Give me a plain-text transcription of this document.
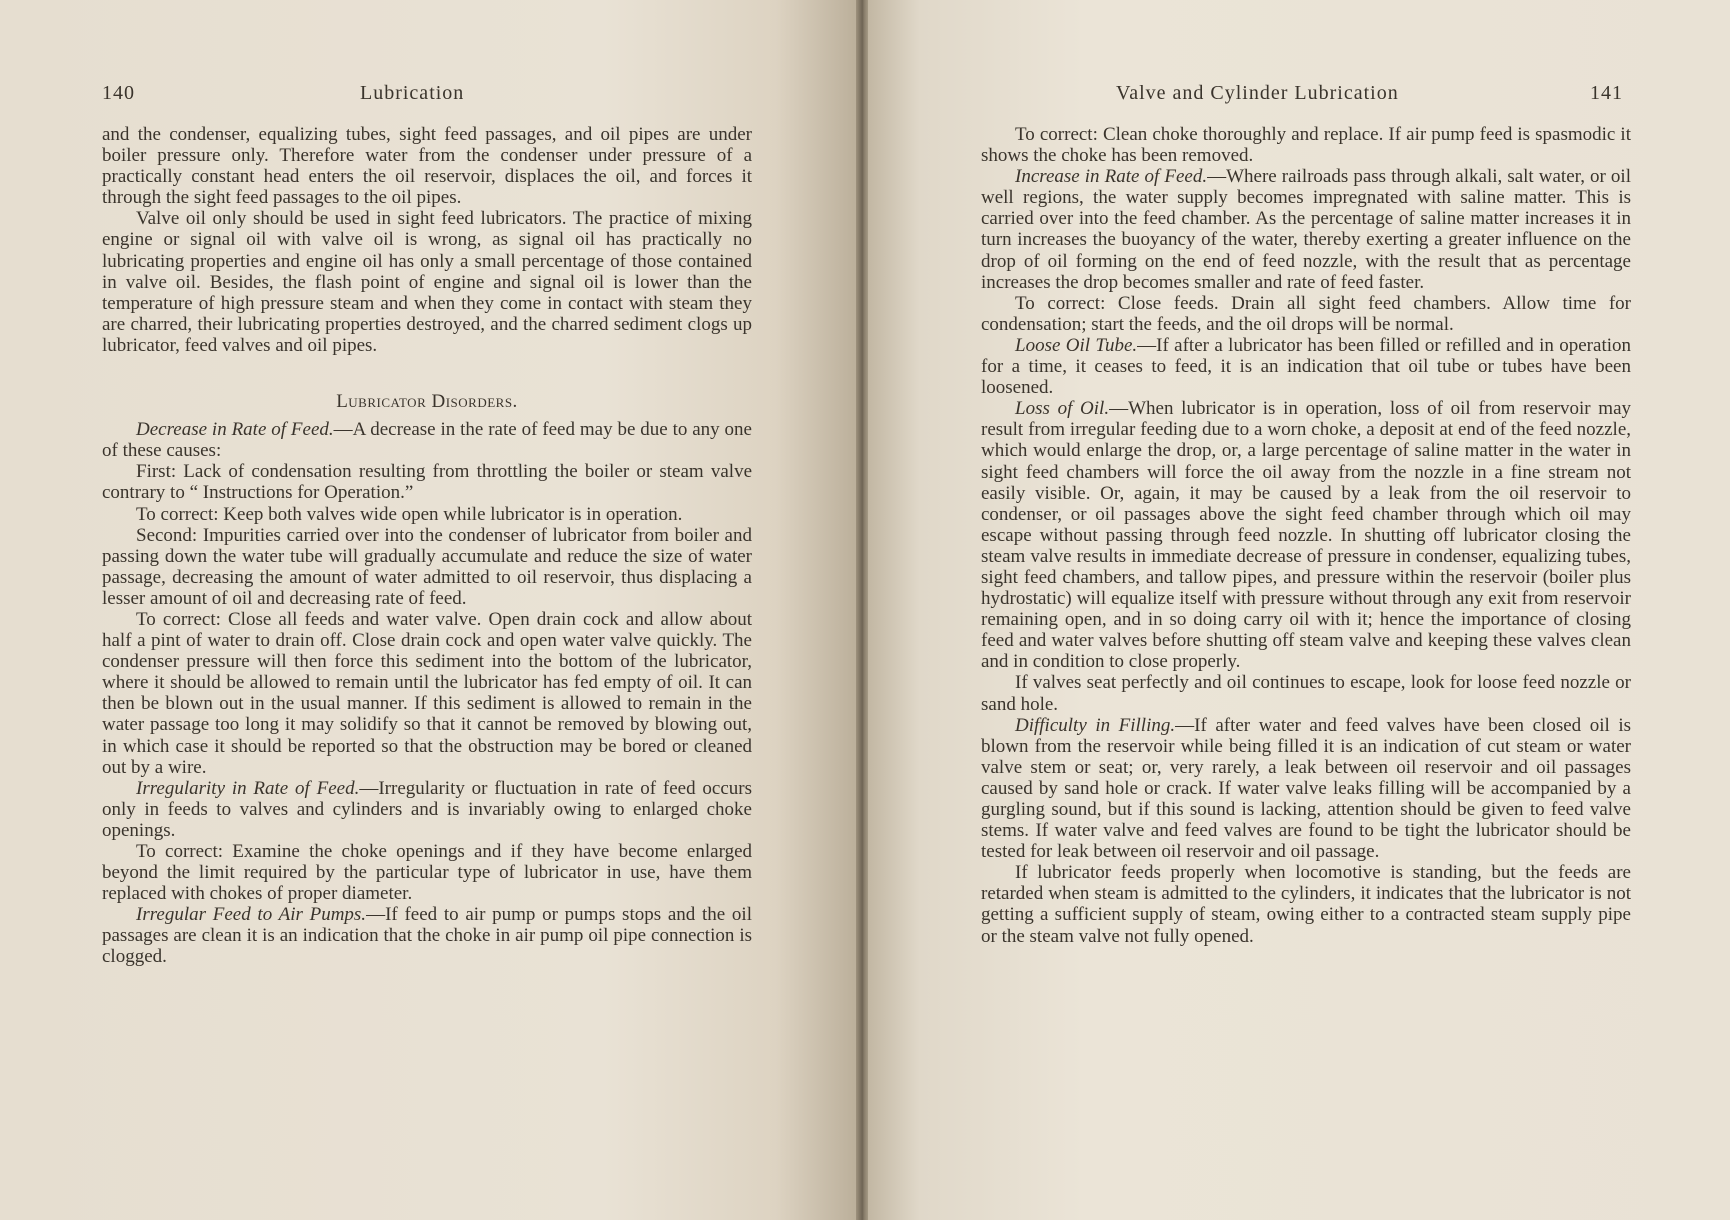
140	Lubrication

and the condenser, equalizing tubes, sight feed passages, and oil pipes are under boiler pressure only. Therefore water from the condenser under pressure of a practically constant head enters the oil reservoir, displaces the oil, and forces it through the sight feed passages to the oil pipes.

Valve oil only should be used in sight feed lubricators. The practice of mixing engine or signal oil with valve oil is wrong, as signal oil has practically no lubricating properties and engine oil has only a small percentage of those contained in valve oil. Besides, the flash point of engine and signal oil is lower than the temperature of high pressure steam and when they come in contact with steam they are charred, their lubricating properties destroyed, and the charred sediment clogs up lubricator, feed valves and oil pipes.

Lubricator Disorders.

Decrease in Rate of Feed.—A decrease in the rate of feed may be due to any one of these causes:

First: Lack of condensation resulting from throttling the boiler or steam valve contrary to “ Instructions for Operation.”

To correct: Keep both valves wide open while lubricator is in operation.

Second: Impurities carried over into the condenser of lubricator from boiler and passing down the water tube will gradually accumulate and reduce the size of water passage, decreasing the amount of water admitted to oil reservoir, thus displacing a lesser amount of oil and decreasing rate of feed.

To correct: Close all feeds and water valve. Open drain cock and allow about half a pint of water to drain off. Close drain cock and open water valve quickly. The condenser pressure will then force this sediment into the bottom of the lubricator, where it should be allowed to remain until the lubricator has fed empty of oil. It can then be blown out in the usual manner. If this sediment is allowed to remain in the water passage too long it may solidify so that it cannot be removed by blowing out, in which case it should be reported so that the obstruction may be bored or cleaned out by a wire.

Irregularity in Rate of Feed.—Irregularity or fluctuation in rate of feed occurs only in feeds to valves and cylinders and is invariably owing to enlarged choke openings.

To correct: Examine the choke openings and if they have become enlarged beyond the limit required by the particular type of lubricator in use, have them replaced with chokes of proper diameter.

Irregular Feed to Air Pumps.—If feed to air pump or pumps stops and the oil passages are clean it is an indication that the choke in air pump oil pipe connection is clogged.

Valve and Cylinder Lubrication	141

To correct: Clean choke thoroughly and replace. If air pump feed is spasmodic it shows the choke has been removed.

Increase in Rate of Feed.—Where railroads pass through alkali, salt water, or oil well regions, the water supply becomes impregnated with saline matter. This is carried over into the feed chamber. As the percentage of saline matter increases it in turn increases the buoyancy of the water, thereby exerting a greater influence on the drop of oil forming on the end of feed nozzle, with the result that as percentage increases the drop becomes smaller and rate of feed faster.

To correct: Close feeds. Drain all sight feed chambers. Allow time for condensation; start the feeds, and the oil drops will be normal.

Loose Oil Tube.—If after a lubricator has been filled or refilled and in operation for a time, it ceases to feed, it is an indication that oil tube or tubes have been loosened.

Loss of Oil.—When lubricator is in operation, loss of oil from reservoir may result from irregular feeding due to a worn choke, a deposit at end of the feed nozzle, which would enlarge the drop, or, a large percentage of saline matter in the water in sight feed chambers will force the oil away from the nozzle in a fine stream not easily visible. Or, again, it may be caused by a leak from the oil reservoir to condenser, or oil passages above the sight feed chamber through which oil may escape without passing through feed nozzle. In shutting off lubricator closing the steam valve results in immediate decrease of pressure in condenser, equalizing tubes, sight feed chambers, and tallow pipes, and pressure within the reservoir (boiler plus hydrostatic) will equalize itself with pressure without through any exit from reservoir remaining open, and in so doing carry oil with it; hence the importance of closing feed and water valves before shutting off steam valve and keeping these valves clean and in condition to close properly.

If valves seat perfectly and oil continues to escape, look for loose feed nozzle or sand hole.

Difficulty in Filling.—If after water and feed valves have been closed oil is blown from the reservoir while being filled it is an indication of cut steam or water valve stem or seat; or, very rarely, a leak between oil reservoir and oil passages caused by sand hole or crack. If water valve leaks filling will be accompanied by a gurgling sound, but if this sound is lacking, attention should be given to feed valve stems. If water valve and feed valves are found to be tight the lubricator should be tested for leak between oil reservoir and oil passage.

If lubricator feeds properly when locomotive is standing, but the feeds are retarded when steam is admitted to the cylinders, it indicates that the lubricator is not getting a sufficient supply of steam, owing either to a contracted steam supply pipe or the steam valve not fully opened.
